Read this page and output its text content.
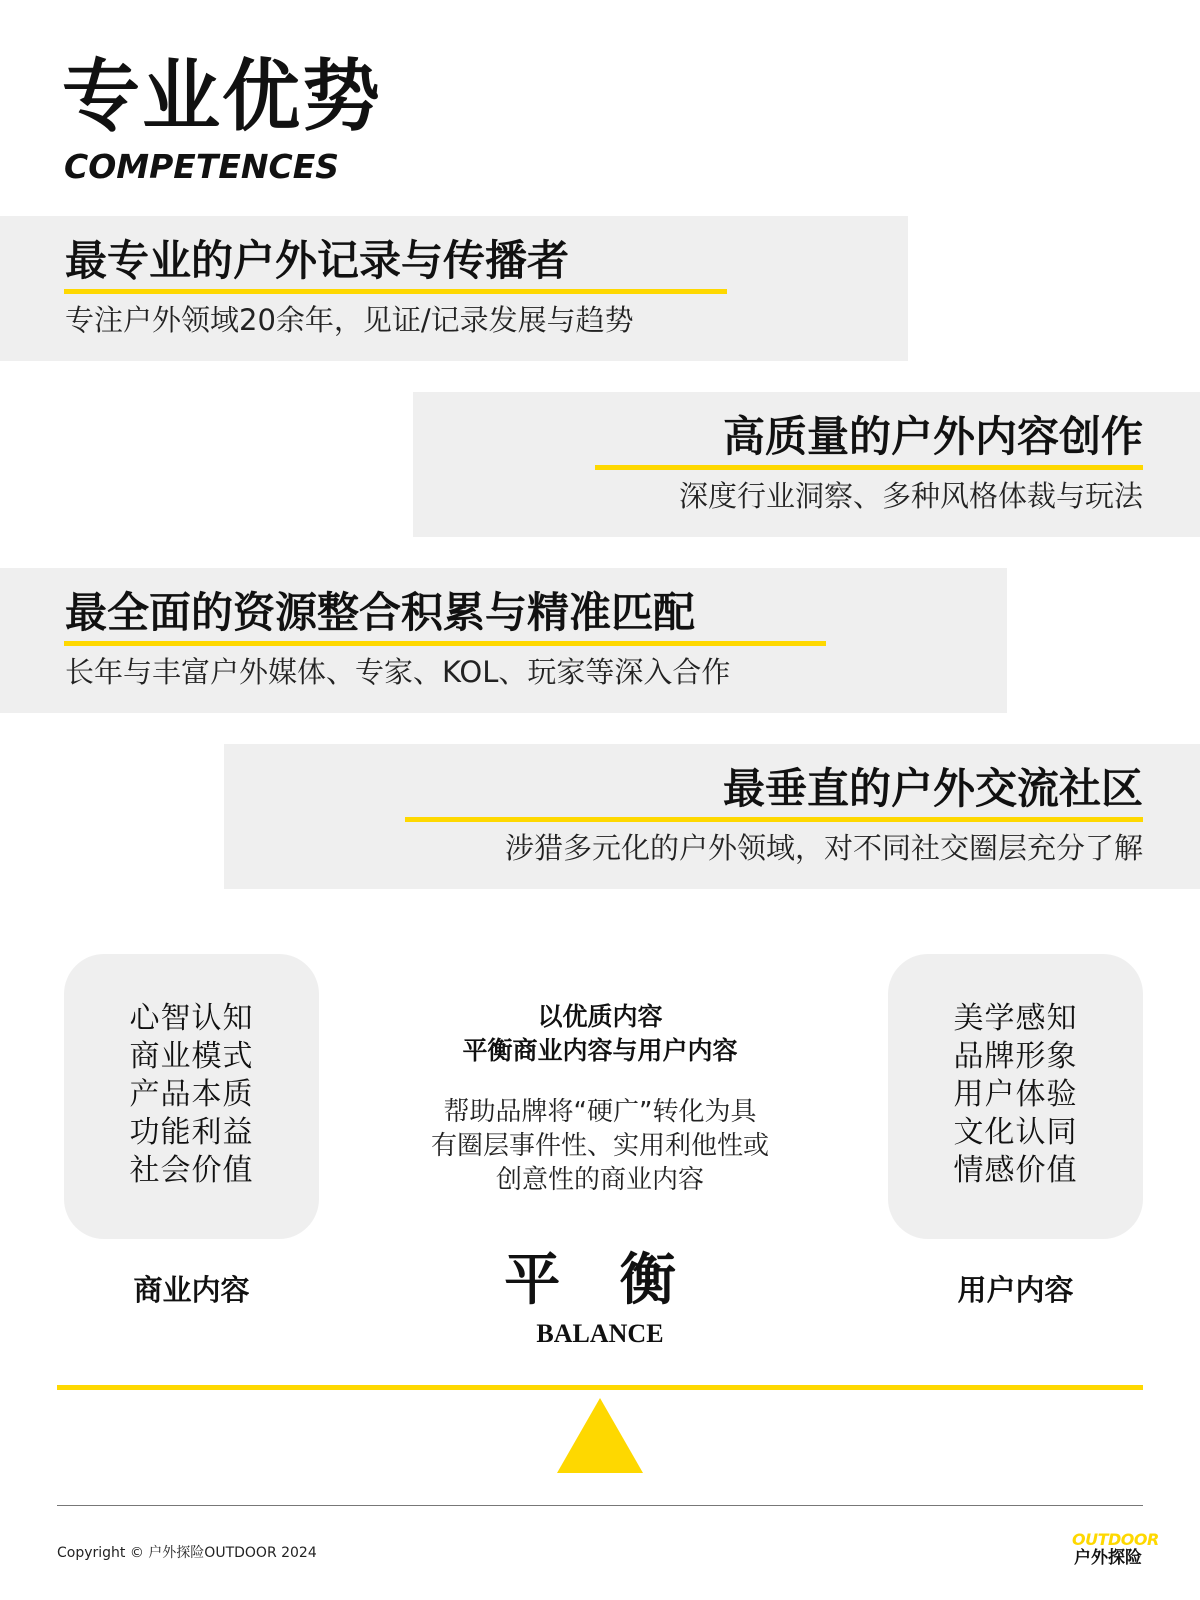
专业优势
COMPETENCES
最专业的户外记录与传播者
专注户外领域20余年，见证/记录发展与趋势
高质量的户外内容创作
深度行业洞察、多种风格体裁与玩法
最全面的资源整合积累与精准匹配
长年与丰富户外媒体、专家、KOL、玩家等深入合作
最垂直的户外交流社区
涉猎多元化的户外领域，对不同社交圈层充分了解
心智认知
商业模式
产品本质
功能利益
社会价值
商业内容
美学感知
品牌形象
用户体验
文化认同
情感价值
用户内容
以优质内容
平衡商业内容与用户内容
帮助品牌将“硬广”转化为具
有圈层事件性、实用利他性或
创意性的商业内容
平 衡
BALANCE
Copyright © 户外探险OUTDOOR 2024
OUTDOOR
户外探险
